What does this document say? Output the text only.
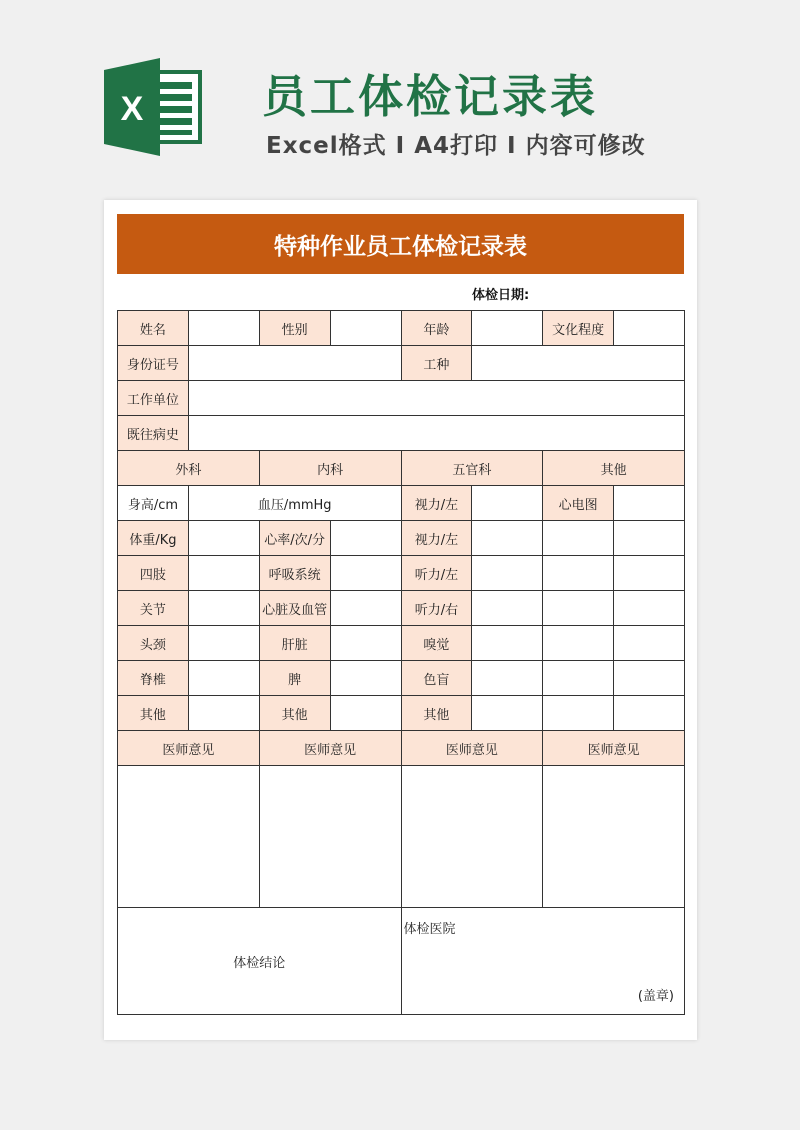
X	员工体检记录表
Excel格式 I A4打印 I 内容可修改
特种作业员工体检记录表
体检日期:
姓名		性别		年龄		文化程度	
身份证号				工种			
工作单位							
既往病史							
外科		内科		五官科		其他	
身高/cm	血压/mmHg			视力/左		心电图	
体重/Kg		心率/次/分		视力/左			
四肢		呼吸系统		听力/左			
关节		心脏及血管		听力/右			
头颈		肝脏		嗅觉			
脊椎		脾		色盲			
其他		其他		其他			
医师意见		医师意见		医师意见		医师意见	

体检结论				体检医院
(盖章)			
